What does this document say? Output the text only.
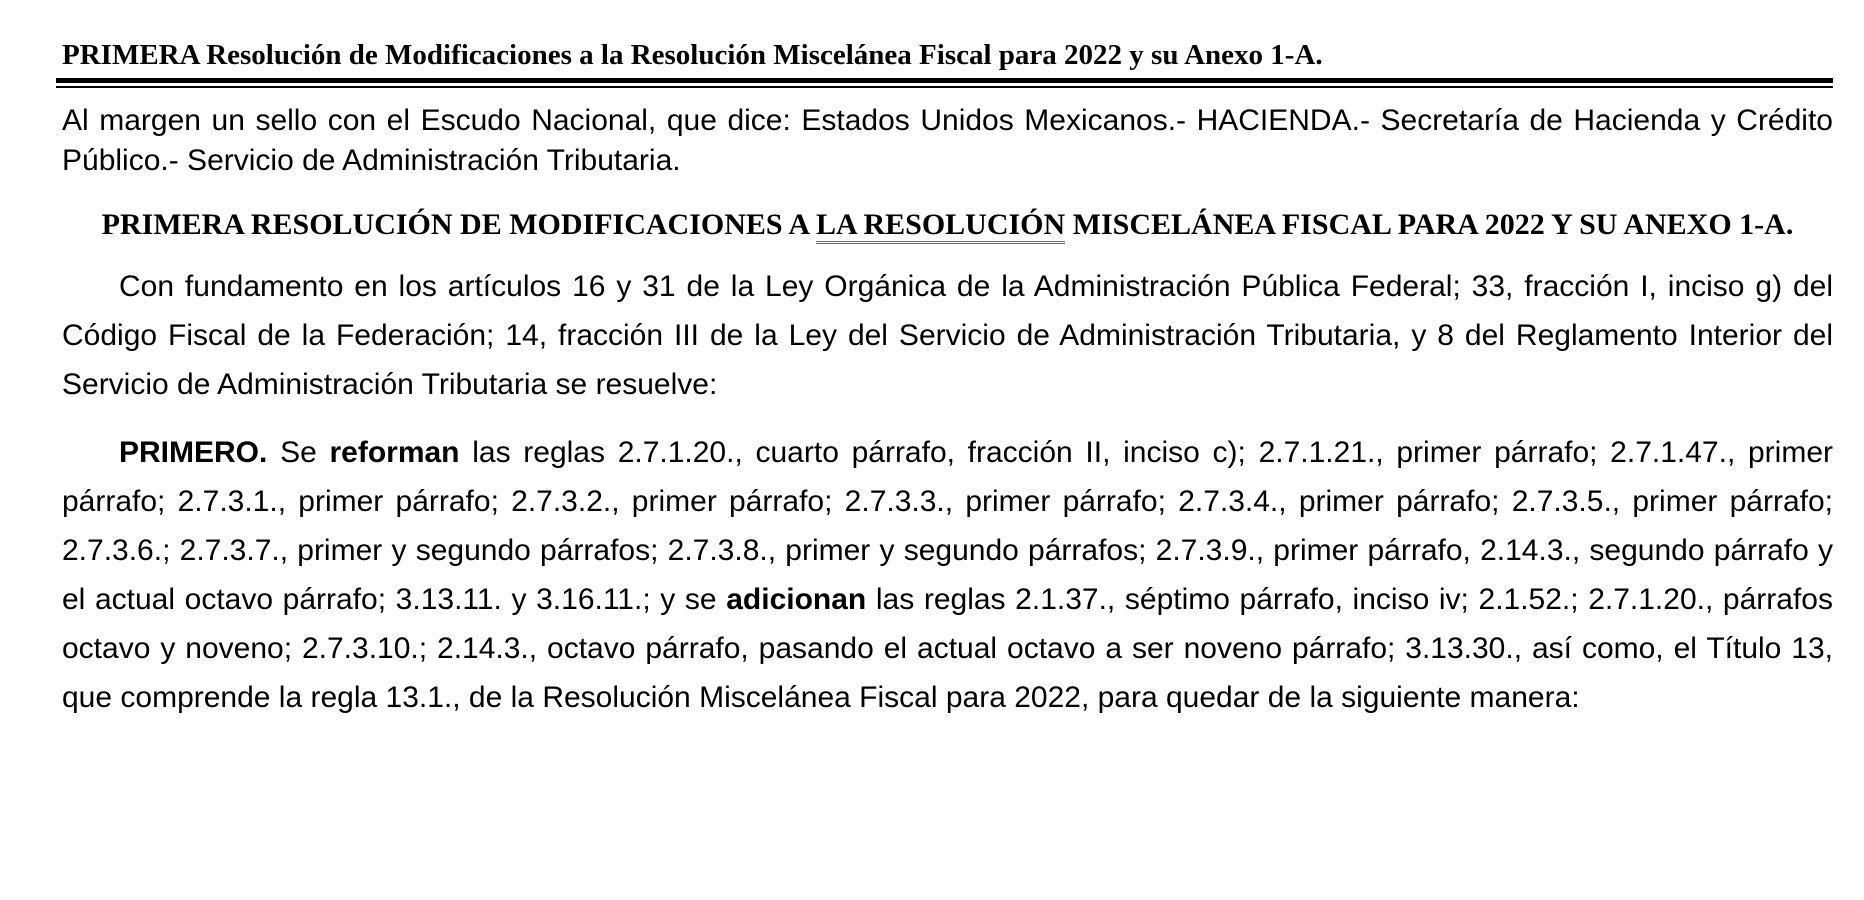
PRIMERA Resolución de Modificaciones a la Resolución Miscelánea Fiscal para 2022 y su Anexo 1-A.
Al margen un sello con el Escudo Nacional, que dice: Estados Unidos Mexicanos.- HACIENDA.- Secretaría de Hacienda y Crédito Público.- Servicio de Administración Tributaria.
PRIMERA RESOLUCIÓN DE MODIFICACIONES A LA RESOLUCIÓN MISCELÁNEA FISCAL PARA 2022 Y SU ANEXO 1-A.
Con fundamento en los artículos 16 y 31 de la Ley Orgánica de la Administración Pública Federal; 33, fracción I, inciso g) del Código Fiscal de la Federación; 14, fracción III de la Ley del Servicio de Administración Tributaria, y 8 del Reglamento Interior del Servicio de Administración Tributaria se resuelve:
PRIMERO. Se reforman las reglas 2.7.1.20., cuarto párrafo, fracción II, inciso c); 2.7.1.21., primer párrafo; 2.7.1.47., primer párrafo; 2.7.3.1., primer párrafo; 2.7.3.2., primer párrafo; 2.7.3.3., primer párrafo; 2.7.3.4., primer párrafo; 2.7.3.5., primer párrafo; 2.7.3.6.; 2.7.3.7., primer y segundo párrafos; 2.7.3.8., primer y segundo párrafos; 2.7.3.9., primer párrafo, 2.14.3., segundo párrafo y el actual octavo párrafo; 3.13.11. y 3.16.11.; y se adicionan las reglas 2.1.37., séptimo párrafo, inciso iv; 2.1.52.; 2.7.1.20., párrafos octavo y noveno; 2.7.3.10.; 2.14.3., octavo párrafo, pasando el actual octavo a ser noveno párrafo; 3.13.30., así como, el Título 13, que comprende la regla 13.1., de la Resolución Miscelánea Fiscal para 2022, para quedar de la siguiente manera:
